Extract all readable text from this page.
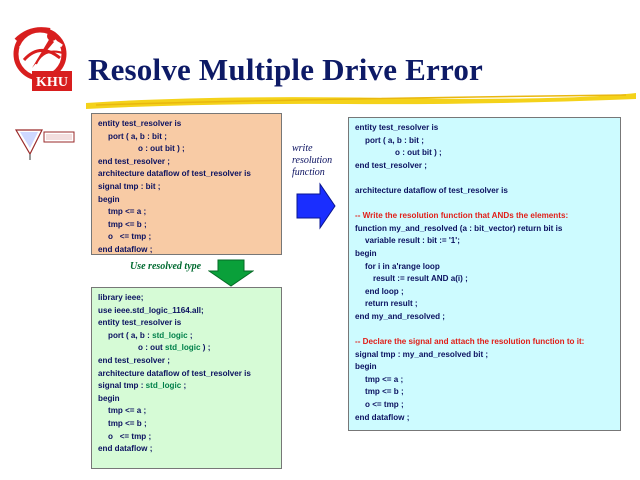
KHU Resolve Multiple Drive Error

entity test_resolver is
port ( a, b : bit ;
o : out bit ) ;
end test_resolver ;
architecture dataflow of test_resolver is
signal tmp : bit ;
begin
tmp <= a ;
tmp <= b ;
o   <= tmp ;
end dataflow ;
write
resolution
function
Use resolved type
library ieee;
use ieee.std_logic_1164.all;
entity test_resolver is
port ( a, b : std_logic ;
o : out std_logic ) ;
end test_resolver ;
architecture dataflow of test_resolver is
signal tmp : std_logic ;
begin
tmp <= a ;
tmp <= b ;
o   <= tmp ;
end dataflow ;
entity test_resolver is
port ( a, b : bit ;
o : out bit ) ;
end test_resolver ;
architecture dataflow of test_resolver is
-- Write the resolution function that ANDs the elements:
function my_and_resolved (a : bit_vector) return bit is
variable result : bit := '1';
begin
for i in a'range loop
result := result AND a(i) ;
end loop ;
return result ;
end my_and_resolved ;
-- Declare the signal and attach the resolution function to it:
signal tmp : my_and_resolved bit ;
begin
tmp <= a ;
tmp <= b ;
o <= tmp ;
end dataflow ;
